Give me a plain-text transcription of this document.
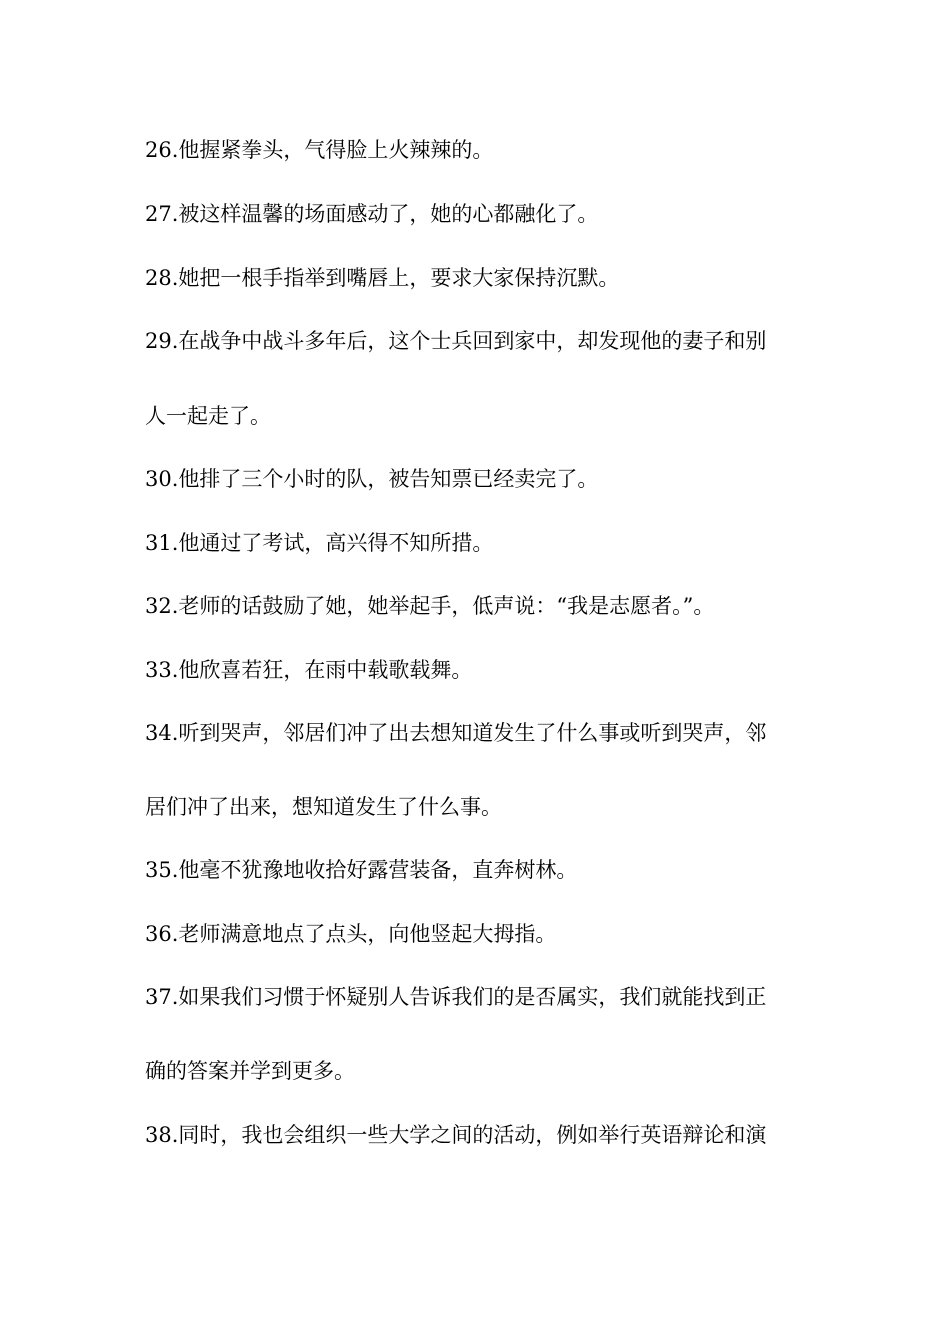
26.他握紧拳头，气得脸上火辣辣的。
27.被这样温馨的场面感动了，她的心都融化了。
28.她把一根手指举到嘴唇上，要求大家保持沉默。
29.在战争中战斗多年后，这个士兵回到家中，却发现他的妻子和别
人一起走了。
30.他排了三个小时的队，被告知票已经卖完了。
31.他通过了考试，高兴得不知所措。
32.老师的话鼓励了她，她举起手，低声说：“我是志愿者。”。
33.他欣喜若狂，在雨中载歌载舞。
34.听到哭声，邻居们冲了出去想知道发生了什么事或听到哭声，邻
居们冲了出来，想知道发生了什么事。
35.他毫不犹豫地收拾好露营装备，直奔树林。
36.老师满意地点了点头，向他竖起大拇指。
37.如果我们习惯于怀疑别人告诉我们的是否属实，我们就能找到正
确的答案并学到更多。
38.同时，我也会组织一些大学之间的活动，例如举行英语辩论和演
